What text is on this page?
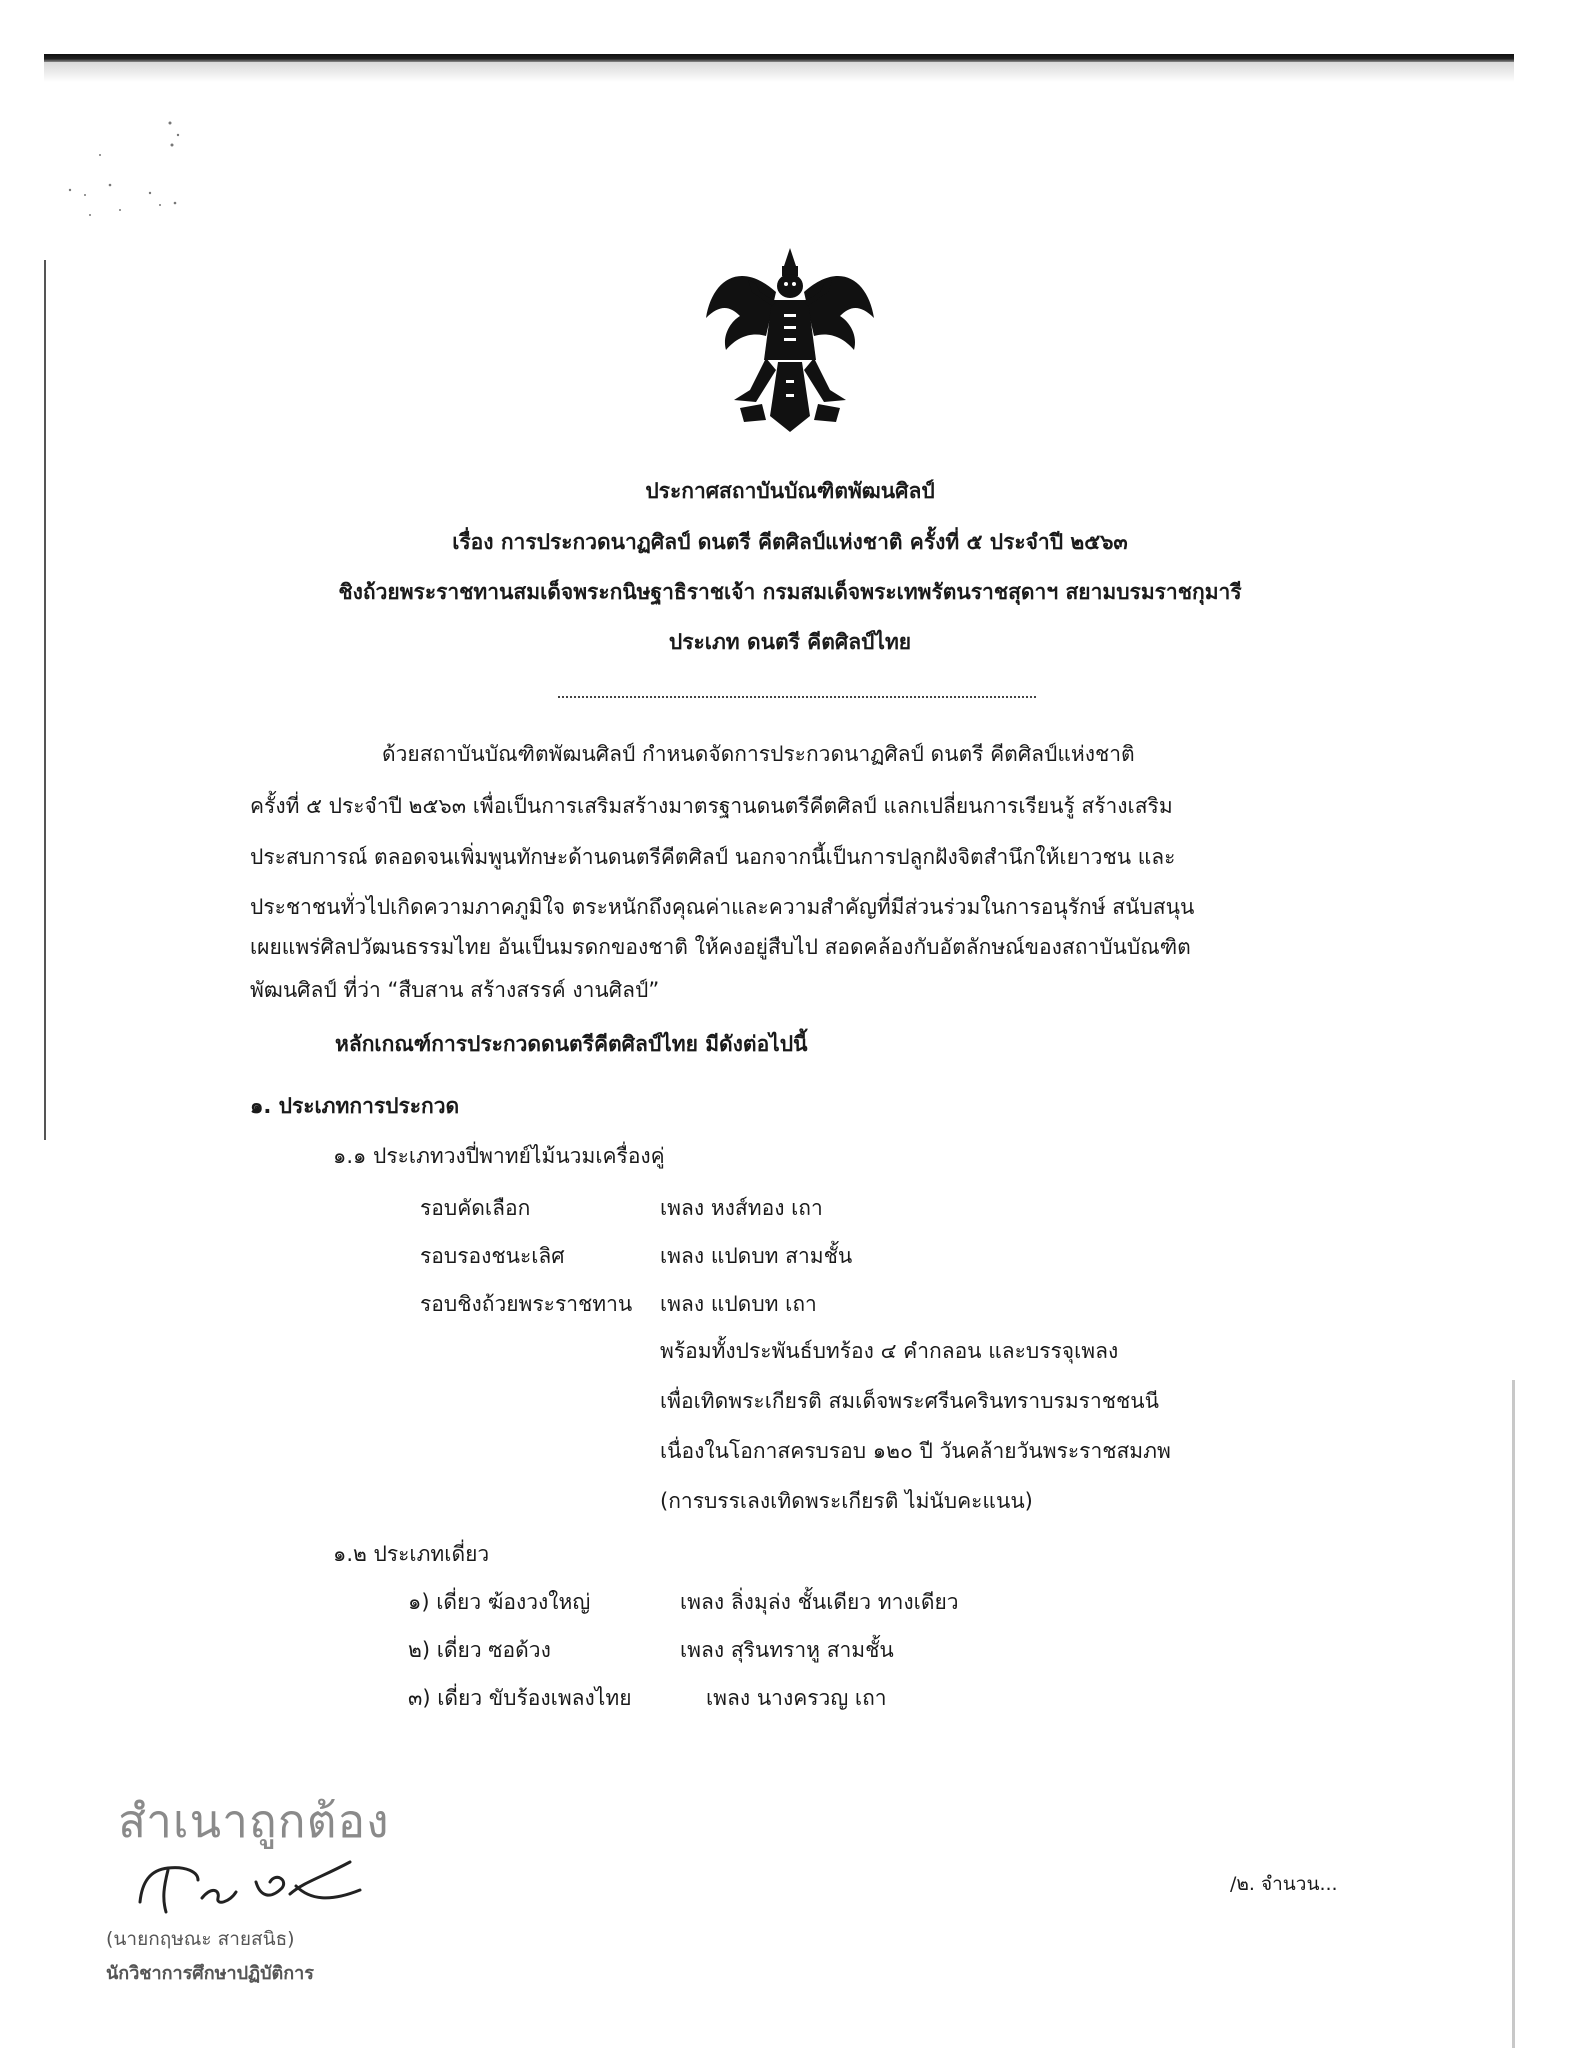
ประกาศสถาบันบัณฑิตพัฒนศิลป์
เรื่อง การประกวดนาฏศิลป์ ดนตรี คีตศิลป์แห่งชาติ ครั้งที่ ๕ ประจำปี ๒๕๖๓
ชิงถ้วยพระราชทานสมเด็จพระกนิษฐาธิราชเจ้า กรมสมเด็จพระเทพรัตนราชสุดาฯ สยามบรมราชกุมารี
ประเภท ดนตรี คีตศิลป์ไทย
ด้วยสถาบันบัณฑิตพัฒนศิลป์ กำหนดจัดการประกวดนาฏศิลป์ ดนตรี คีตศิลป์แห่งชาติ
ครั้งที่ ๕ ประจำปี ๒๕๖๓ เพื่อเป็นการเสริมสร้างมาตรฐานดนตรีคีตศิลป์ แลกเปลี่ยนการเรียนรู้ สร้างเสริม
ประสบการณ์ ตลอดจนเพิ่มพูนทักษะด้านดนตรีคีตศิลป์ นอกจากนี้เป็นการปลูกฝังจิตสำนึกให้เยาวชน และ
ประชาชนทั่วไปเกิดความภาคภูมิใจ ตระหนักถึงคุณค่าและความสำคัญที่มีส่วนร่วมในการอนุรักษ์ สนับสนุน
เผยแพร่ศิลปวัฒนธรรมไทย อันเป็นมรดกของชาติ ให้คงอยู่สืบไป สอดคล้องกับอัตลักษณ์ของสถาบันบัณฑิต
พัฒนศิลป์ ที่ว่า “สืบสาน สร้างสรรค์ งานศิลป์”
หลักเกณฑ์การประกวดดนตรีคีตศิลป์ไทย มีดังต่อไปนี้
๑. ประเภทการประกวด
๑.๑ ประเภทวงปี่พาทย์ไม้นวมเครื่องคู่
รอบคัดเลือก	เพลง หงส์ทอง เถา
รอบรองชนะเลิศ	เพลง แปดบท สามชั้น
รอบชิงถ้วยพระราชทาน เพลง แปดบท เถา
พร้อมทั้งประพันธ์บทร้อง ๔ คำกลอน และบรรจุเพลง
เพื่อเทิดพระเกียรติ สมเด็จพระศรีนครินทราบรมราชชนนี
เนื่องในโอกาสครบรอบ ๑๒๐ ปี วันคล้ายวันพระราชสมภพ
(การบรรเลงเทิดพระเกียรติ ไม่นับคะแนน)
๑.๒ ประเภทเดี่ยว
๑) เดี่ยว ฆ้องวงใหญ่	เพลง ลิ่งมุล่ง ชั้นเดียว ทางเดียว
๒) เดี่ยว ซอด้วง	เพลง สุรินทราหู สามชั้น
๓) เดี่ยว ขับร้องเพลงไทย	เพลง นางครวญ เถา
สำเนาถูกต้อง
(นายกฤษณะ สายสนิธ)
นักวิชาการศึกษาปฏิบัติการ
/๒. จำนวน...
